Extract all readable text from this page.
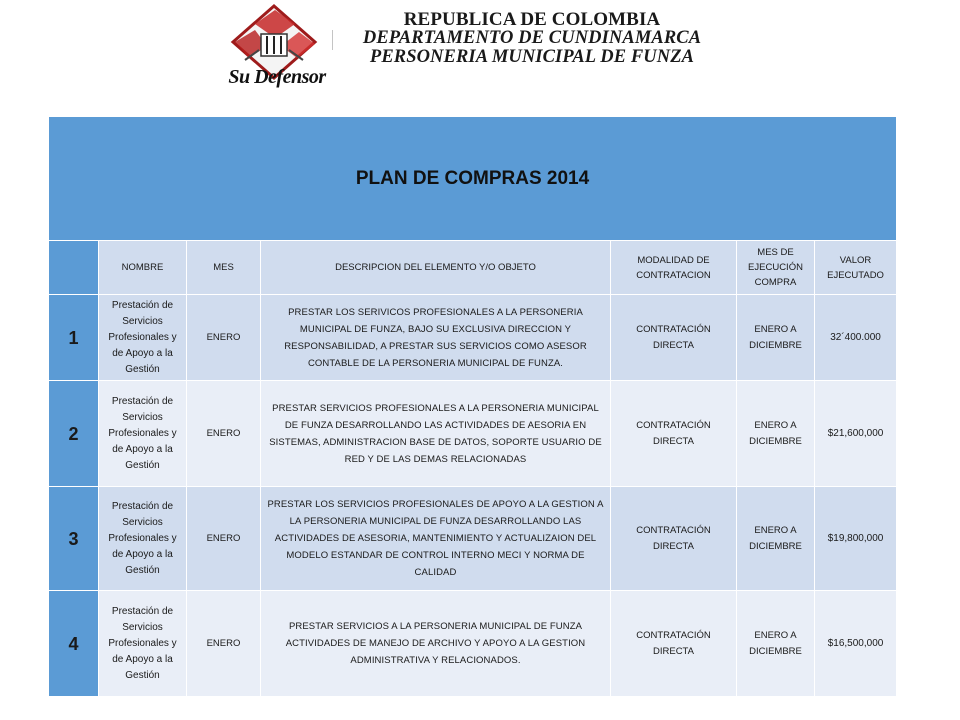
Su Defensor
REPUBLICA DE COLOMBIA
DEPARTAMENTO DE CUNDINAMARCA
PERSONERIA MUNICIPAL DE FUNZA
PLAN DE COMPRAS 2014						
	NOMBRE	MES	DESCRIPCION DEL ELEMENTO Y/O OBJETO	MODALIDAD DE CONTRATACION	MES DE EJECUCIÓN COMPRA	VALOR EJECUTADO
1	Prestación de Servicios Profesionales y de Apoyo a la Gestión	ENERO	PRESTAR LOS SERIVICOS PROFESIONALES A LA PERSONERIA MUNICIPAL DE FUNZA, BAJO SU EXCLUSIVA DIRECCION Y RESPONSABILIDAD, A PRESTAR SUS SERVICIOS COMO ASESOR CONTABLE DE LA PERSONERIA MUNICIPAL DE FUNZA.	CONTRATACIÓN DIRECTA	ENERO A DICIEMBRE	32´400.000
2	Prestación de Servicios Profesionales y de Apoyo a la Gestión	ENERO	PRESTAR SERVICIOS PROFESIONALES A LA PERSONERIA MUNICIPAL DE FUNZA DESARROLLANDO LAS ACTIVIDADES DE AESORIA EN SISTEMAS, ADMINISTRACION BASE DE DATOS, SOPORTE USUARIO DE RED Y DE LAS DEMAS RELACIONADAS	CONTRATACIÓN DIRECTA	ENERO A DICIEMBRE	$21,600,000
3	Prestación de Servicios Profesionales y de Apoyo a la Gestión	ENERO	PRESTAR LOS SERVICIOS PROFESIONALES DE APOYO A LA GESTION A LA PERSONERIA MUNICIPAL DE FUNZA DESARROLLANDO LAS ACTIVIDADES DE ASESORIA, MANTENIMIENTO Y ACTUALIZAION DEL MODELO ESTANDAR DE CONTROL INTERNO MECI Y NORMA DE CALIDAD	CONTRATACIÓN DIRECTA	ENERO A DICIEMBRE	$19,800,000
4	Prestación de Servicios Profesionales y de Apoyo a la Gestión	ENERO	PRESTAR SERVICIOS A LA PERSONERIA MUNICIPAL DE FUNZA ACTIVIDADES DE MANEJO DE ARCHIVO Y APOYO A LA GESTION ADMINISTRATIVA Y RELACIONADOS.	CONTRATACIÓN DIRECTA	ENERO A DICIEMBRE	$16,500,000
